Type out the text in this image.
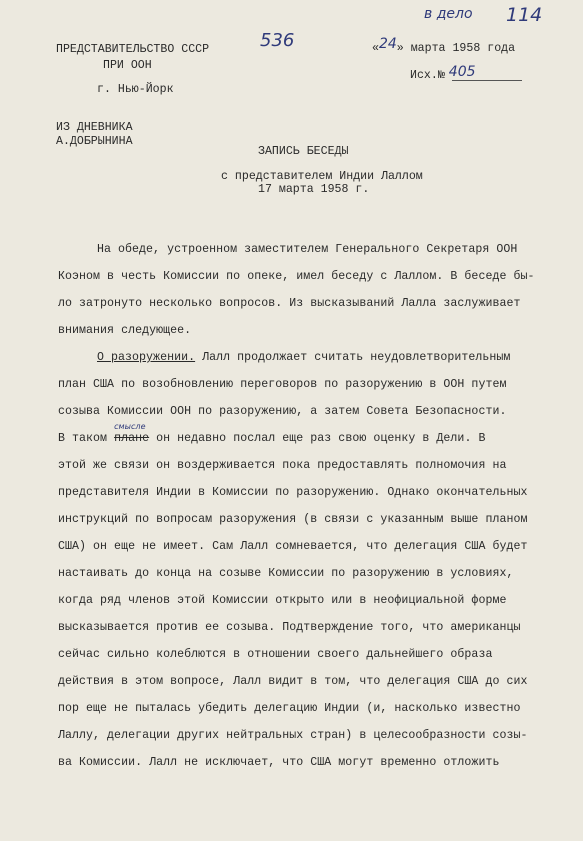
ПРЕДСТАВИТЕЛЬСТВО СССР
ПРИ ООН
г. Нью-Йорк
536
в дело 114
«24» марта 1958 года
Исх.№ 405
ИЗ ДНЕВНИКА
А.ДОБРЫНИНА
ЗАПИСЬ БЕСЕДЫ
с представителем Индии Лаллом
17 марта 1958 г.
На обеде, устроенном заместителем Генерального Секретаря ООН
Коэном в честь Комиссии по опеке, имел беседу с Лаллом. В беседе бы-
ло затронуто несколько вопросов. Из высказываний Лалла заслуживает
внимания следующее.
О разоружении. Лалл продолжает считать неудовлетворительным
план США по возобновлению переговоров по разоружению в ООН путем
созыва Комиссии ООН по разоружению, а затем Совета Безопасности.
В таком плане
смысле
он недавно послал еще раз свою оценку в Дели. В
этой же связи он воздерживается пока предоставлять полномочия на
представителя Индии в Комиссии по разоружению. Однако окончательных
инструкций по вопросам разоружения (в связи с указанным выше планом
США) он еще не имеет. Сам Лалл сомневается, что делегация США будет
настаивать до конца на созыве Комиссии по разоружению в условиях,
когда ряд членов этой Комиссии открыто или в неофициальной форме
высказывается против ее созыва. Подтверждение того, что американцы
сейчас сильно колеблются в отношении своего дальнейшего образа
действия в этом вопросе, Лалл видит в том, что делегация США до сих
пор еще не пыталась убедить делегацию Индии (и, насколько известно
Лаллу, делегации других нейтральных стран) в целесообразности созы-
ва Комиссии. Лалл не исключает, что США могут временно отложить
